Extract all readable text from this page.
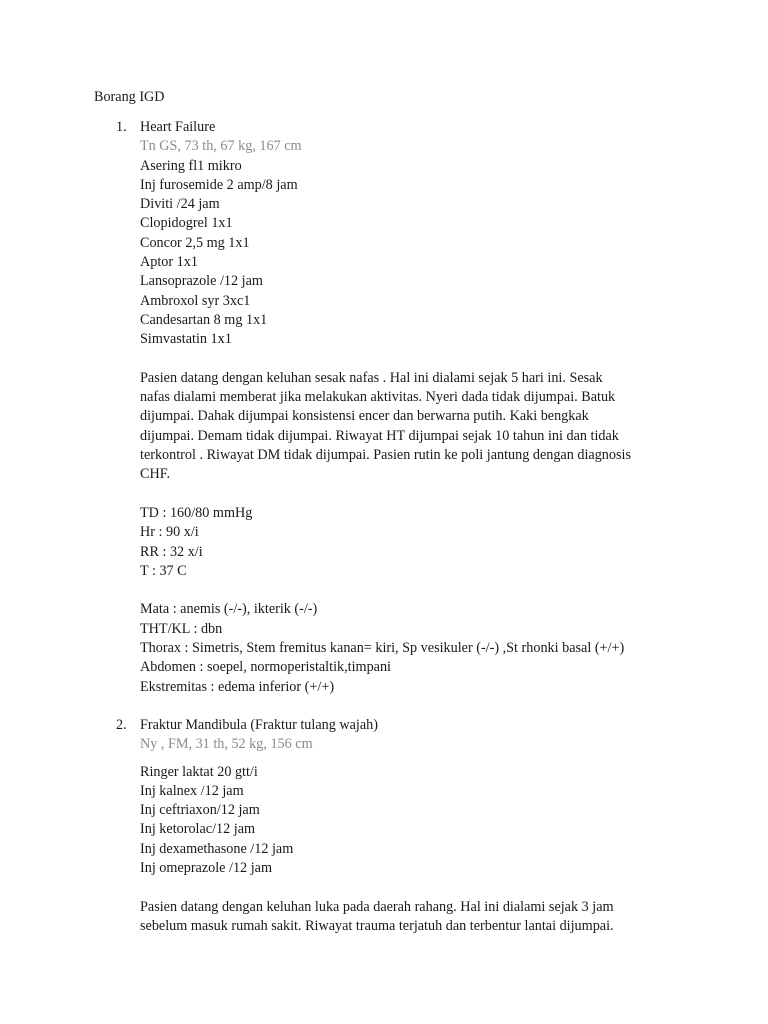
Borang IGD
1. Heart Failure
Tn GS, 73 th, 67 kg, 167 cm
Asering fl1 mikro
Inj furosemide 2 amp/8 jam
Diviti /24 jam
Clopidogrel 1x1
Concor 2,5 mg 1x1
Aptor 1x1
Lansoprazole /12 jam
Ambroxol syr 3xc1
Candesartan 8 mg 1x1
Simvastatin 1x1
Pasien datang dengan keluhan sesak nafas . Hal ini dialami sejak 5 hari ini. Sesak
nafas dialami memberat jika melakukan aktivitas. Nyeri dada tidak dijumpai. Batuk
dijumpai. Dahak dijumpai konsistensi encer dan berwarna putih. Kaki bengkak
dijumpai. Demam tidak dijumpai. Riwayat HT dijumpai sejak 10 tahun ini dan tidak
terkontrol . Riwayat DM tidak dijumpai. Pasien rutin ke poli jantung dengan diagnosis
CHF.
TD : 160/80 mmHg
Hr : 90 x/i
RR : 32 x/i
T : 37 C
Mata : anemis (-/-), ikterik (-/-)
THT/KL : dbn
Thorax : Simetris, Stem fremitus kanan= kiri, Sp vesikuler (-/-) ,St rhonki basal (+/+)
Abdomen : soepel, normoperistaltik,timpani
Ekstremitas : edema inferior (+/+)
2. Fraktur Mandibula (Fraktur tulang wajah)
Ny , FM, 31 th, 52 kg, 156 cm
Ringer laktat 20 gtt/i
Inj kalnex /12 jam
Inj ceftriaxon/12 jam
Inj ketorolac/12 jam
Inj dexamethasone /12 jam
Inj omeprazole /12 jam
Pasien datang dengan keluhan luka pada daerah rahang. Hal ini dialami sejak 3 jam
sebelum masuk rumah sakit. Riwayat trauma terjatuh dan terbentur lantai dijumpai.
